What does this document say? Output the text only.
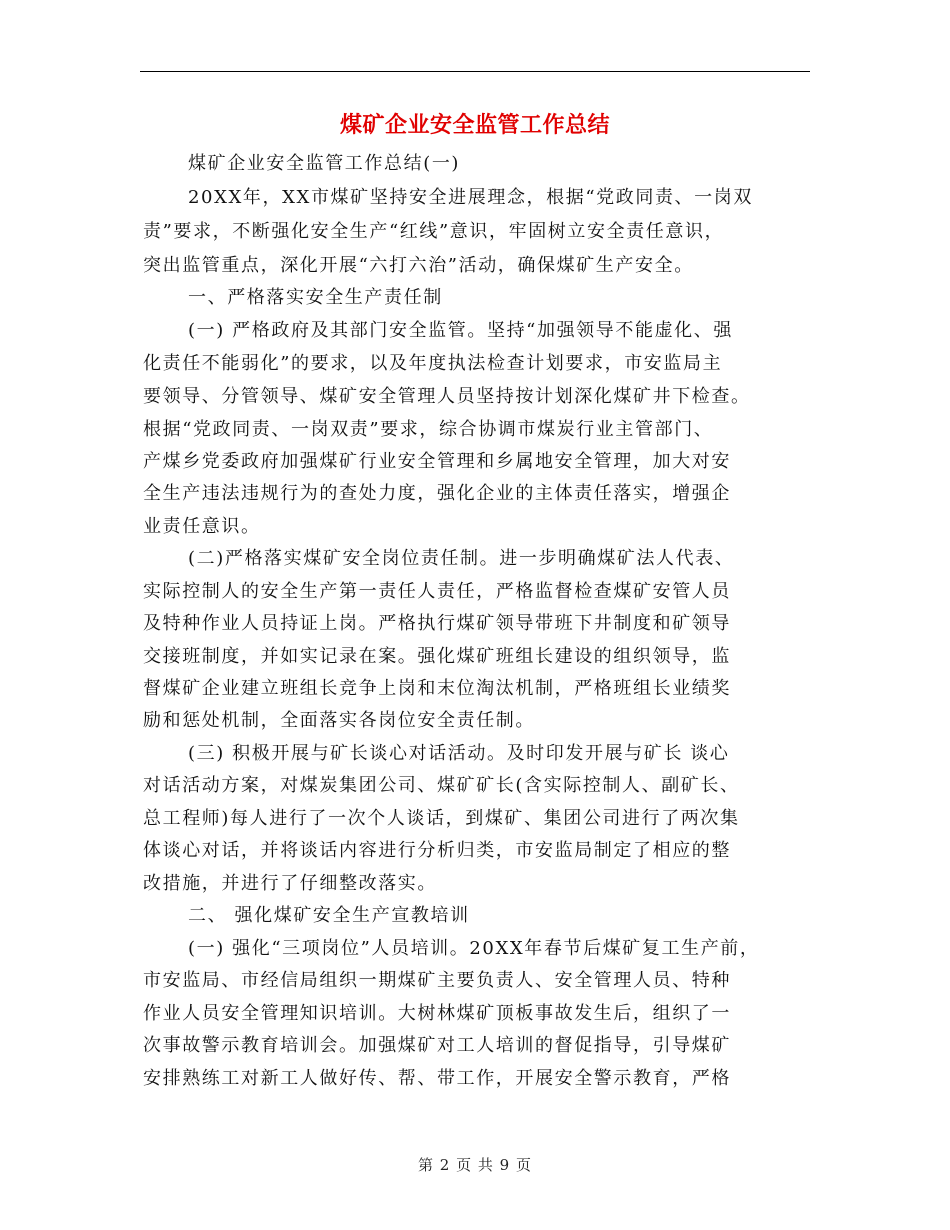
煤矿企业安全监管工作总结
煤矿企业安全监管工作总结(一)
20XX年，XX市煤矿坚持安全进展理念，根据“党政同责、一岗双
责”要求，不断强化安全生产“红线”意识，牢固树立安全责任意识，
突出监管重点，深化开展“六打六治”活动，确保煤矿生产安全。
一、严格落实安全生产责任制
(一) 严格政府及其部门安全监管。坚持“加强领导不能虚化、强
化责任不能弱化”的要求，以及年度执法检查计划要求，市安监局主
要领导、分管领导、煤矿安全管理人员坚持按计划深化煤矿井下检查。
根据“党政同责、一岗双责”要求，综合协调市煤炭行业主管部门、
产煤乡党委政府加强煤矿行业安全管理和乡属地安全管理，加大对安
全生产违法违规行为的查处力度，强化企业的主体责任落实，增强企
业责任意识。
(二)严格落实煤矿安全岗位责任制。进一步明确煤矿法人代表、
实际控制人的安全生产第一责任人责任，严格监督检查煤矿安管人员
及特种作业人员持证上岗。严格执行煤矿领导带班下井制度和矿领导
交接班制度，并如实记录在案。强化煤矿班组长建设的组织领导，监
督煤矿企业建立班组长竞争上岗和末位淘汰机制，严格班组长业绩奖
励和惩处机制，全面落实各岗位安全责任制。
(三) 积极开展与矿长谈心对话活动。及时印发开展与矿长 谈心
对话活动方案，对煤炭集团公司、煤矿矿长(含实际控制人、副矿长、
总工程师)每人进行了一次个人谈话，到煤矿、集团公司进行了两次集
体谈心对话，并将谈话内容进行分析归类，市安监局制定了相应的整
改措施，并进行了仔细整改落实。
二、 强化煤矿安全生产宣教培训
(一) 强化“三项岗位”人员培训。20XX年春节后煤矿复工生产前，
市安监局、市经信局组织一期煤矿主要负责人、安全管理人员、特种
作业人员安全管理知识培训。大树林煤矿顶板事故发生后，组织了一
次事故警示教育培训会。加强煤矿对工人培训的督促指导，引导煤矿
安排熟练工对新工人做好传、帮、带工作，开展安全警示教育，严格
第 2 页 共 9 页
